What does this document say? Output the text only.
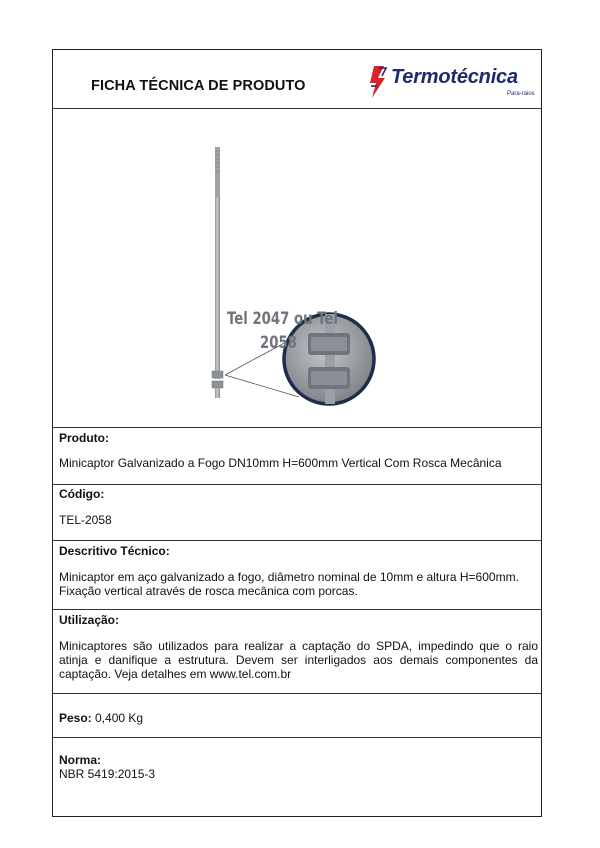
FICHA TÉCNICA DE PRODUTO	Termotécnica
Para-raios
Tel 2047 ou Tel
2058
Produto:
Minicaptor Galvanizado a Fogo DN10mm H=600mm Vertical Com Rosca Mecânica
Código:
TEL-2058
Descritivo Técnico:
Minicaptor em aço galvanizado a fogo, diâmetro nominal de 10mm e altura H=600mm.
Fixação vertical através de rosca mecânica com porcas.
Utilização:
Minicaptores são utilizados para realizar a captação do SPDA, impedindo que o raio atinja e danifique a estrutura. Devem ser interligados aos demais componentes da captação. Veja detalhes em www.tel.com.br
Peso: 0,400 Kg
Norma:
NBR 5419:2015-3
